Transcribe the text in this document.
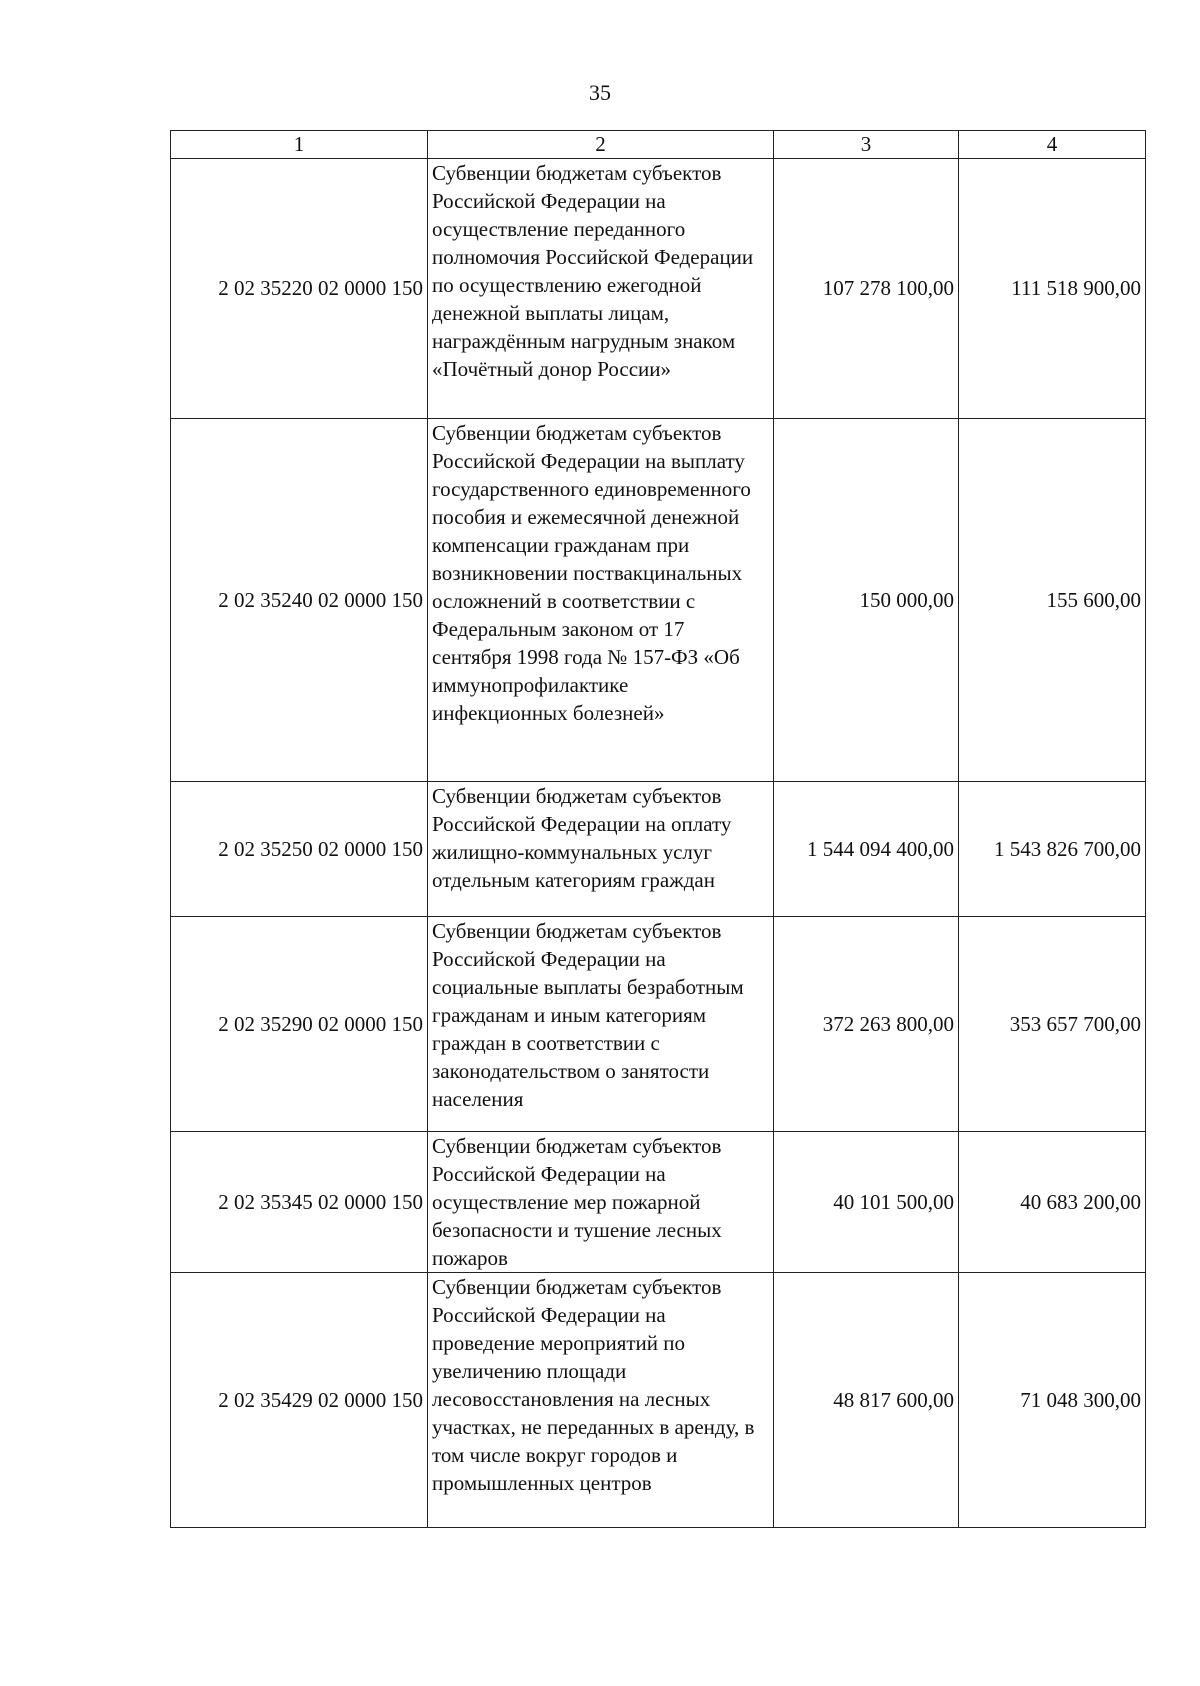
35
1	2	3	4
2 02 35220 02 0000 150	Субвенции бюджетам субъектов Российской Федерации на осуществление переданного полномочия Российской Федерации по осуществлению ежегодной денежной выплаты лицам, награждённым нагрудным знаком «Почётный донор России»	107 278 100,00	111 518 900,00
2 02 35240 02 0000 150	Субвенции бюджетам субъектов Российской Федерации на выплату государственного единовременного пособия и ежемесячной денежной компенсации гражданам при возникновении поствакцинальных осложнений в соответствии с Федеральным законом от 17 сентября 1998 года № 157-ФЗ «Об иммунопрофилактике инфекционных болезней»	150 000,00	155 600,00
2 02 35250 02 0000 150	Субвенции бюджетам субъектов Российской Федерации на оплату жилищно-коммунальных услуг отдельным категориям граждан	1 544 094 400,00	1 543 826 700,00
2 02 35290 02 0000 150	Субвенции бюджетам субъектов Российской Федерации на социальные выплаты безработным гражданам и иным категориям граждан в соответствии с законодательством о занятости населения	372 263 800,00	353 657 700,00
2 02 35345 02 0000 150	Субвенции бюджетам субъектов Российской Федерации на осуществление мер пожарной безопасности и тушение лесных пожаров	40 101 500,00	40 683 200,00
2 02 35429 02 0000 150	Субвенции бюджетам субъектов Российской Федерации на проведение мероприятий по увеличению площади лесовосстановления на лесных участках, не переданных в аренду, в том числе вокруг городов и промышленных центров	48 817 600,00	71 048 300,00
